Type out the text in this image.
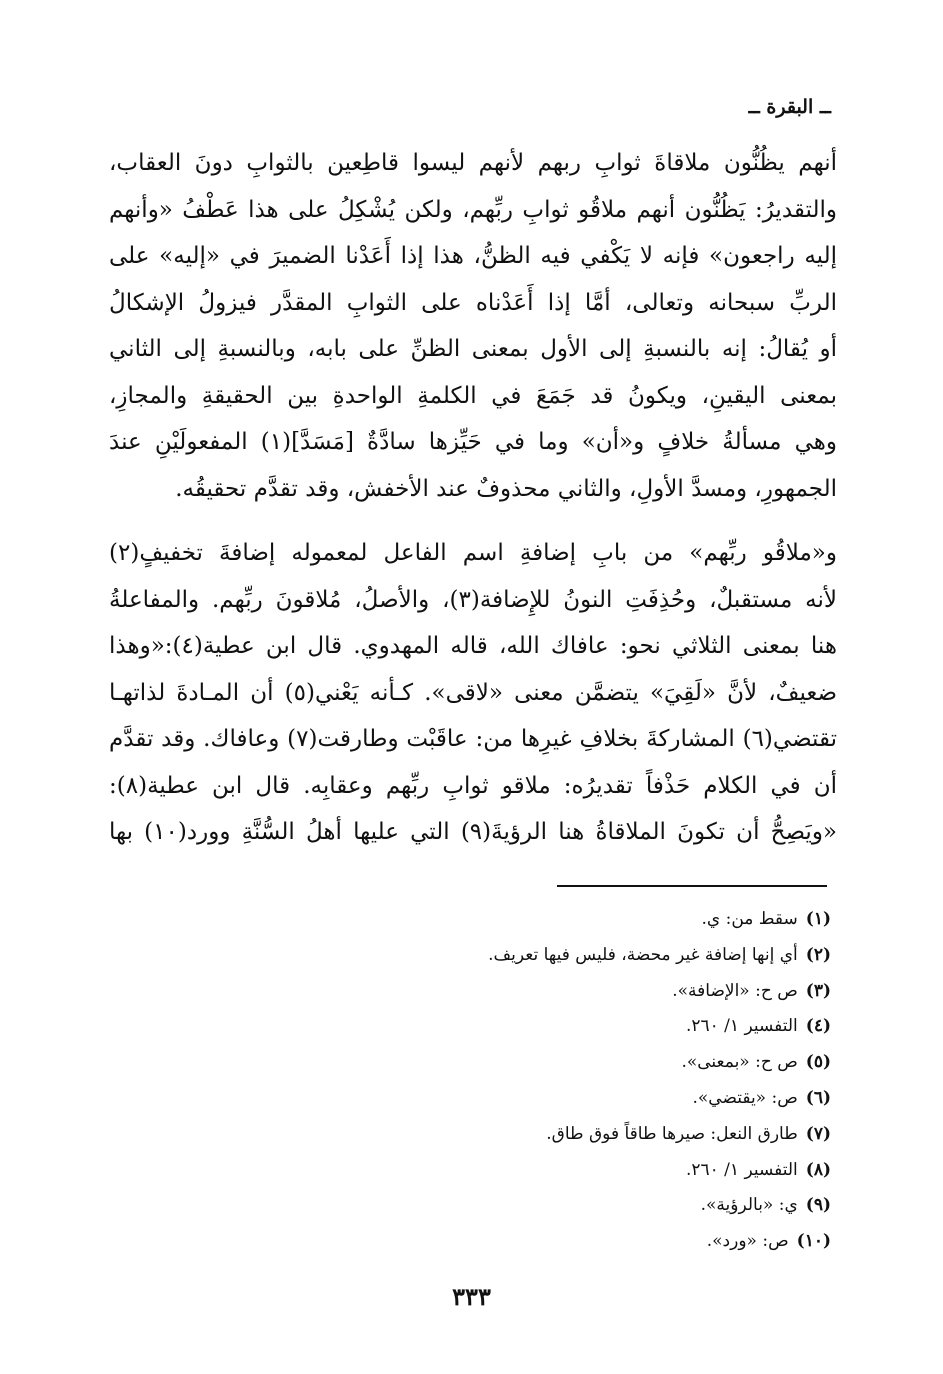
ــ البقرة ــ

أنهم يظُنُّون ملاقاةَ ثوابِ ربهم لأنهم ليسوا قاطِعين بالثوابِ دونَ العقاب،
والتقديرُ: يَظُنُّون أنهم ملاقُو ثوابِ ربِّهم، ولكن يُشْكِلُ على هذا عَطْفُ «وأنهم
إليه راجعون» فإنه لا يَكْفي فيه الظنُّ، هذا إذا أَعَدْنا الضميرَ في «إليه» على
الربِّ سبحانه وتعالى، أمَّا إذا أَعَدْناه على الثوابِ المقدَّر فيزولُ الإشكالُ
أو يُقالُ: إنه بالنسبةِ إلى الأول بمعنى الظنِّ على بابه، وبالنسبةِ إلى الثاني
بمعنى اليقينِ، ويكونُ قد جَمَعَ في الكلمةِ الواحدةِ بين الحقيقةِ والمجازِ،
وهي مسألةُ خلافٍ و«أن» وما في حَيِّزها سادَّةٌ [مَسَدَّ](١) المفعولَيْنِ عندَ
الجمهورِ، ومسدَّ الأولِ، والثاني محذوفٌ عند الأخفش، وقد تقدَّم تحقيقُه.

و«ملاقُو ربِّهم» من بابِ إضافةِ اسم الفاعل لمعموله إضافةَ تخفيفٍ(٢)
لأنه مستقبلٌ، وحُذِفَتِ النونُ للإِضافة(٣)، والأصلُ، مُلاقونَ ربِّهم. والمفاعلةُ
هنا بمعنى الثلاثي نحو: عافاك الله، قاله المهدوي. قال ابن عطية(٤):«وهذا
ضعيفٌ، لأنَّ «لَقِيَ» يتضمَّن معنى «لاقى». كـأنه يَعْني(٥) أن المـادةَ لذاتهـا
تقتضي(٦) المشاركةَ بخلافِ غيرِها من: عاقَبْت وطارقت(٧) وعافاك. وقد تقدَّم
أن في الكلام حَذْفاً تقديرُه: ملاقو ثوابِ ربِّهم وعقابِه. قال ابن عطية(٨):
«ويَصِحُّ أن تكونَ الملاقاةُ هنا الرؤيةَ(٩) التي عليها أهلُ السُّنَّةِ وورد(١٠) بها

(١)سقط من: ي.
(٢)أي إنها إضافة غير محضة، فليس فيها تعريف.
(٣)ص ح: «الإضافة».
(٤)التفسير ١/ ٢٦٠.
(٥)ص ح: «بمعنى».
(٦)ص: «يقتضي».
(٧)طارق النعل: صيرها طاقاً فوق طاق.
(٨)التفسير ١/ ٢٦٠.
(٩)ي: «بالرؤية».
(١٠)ص: «ورد».
٣٣٣
